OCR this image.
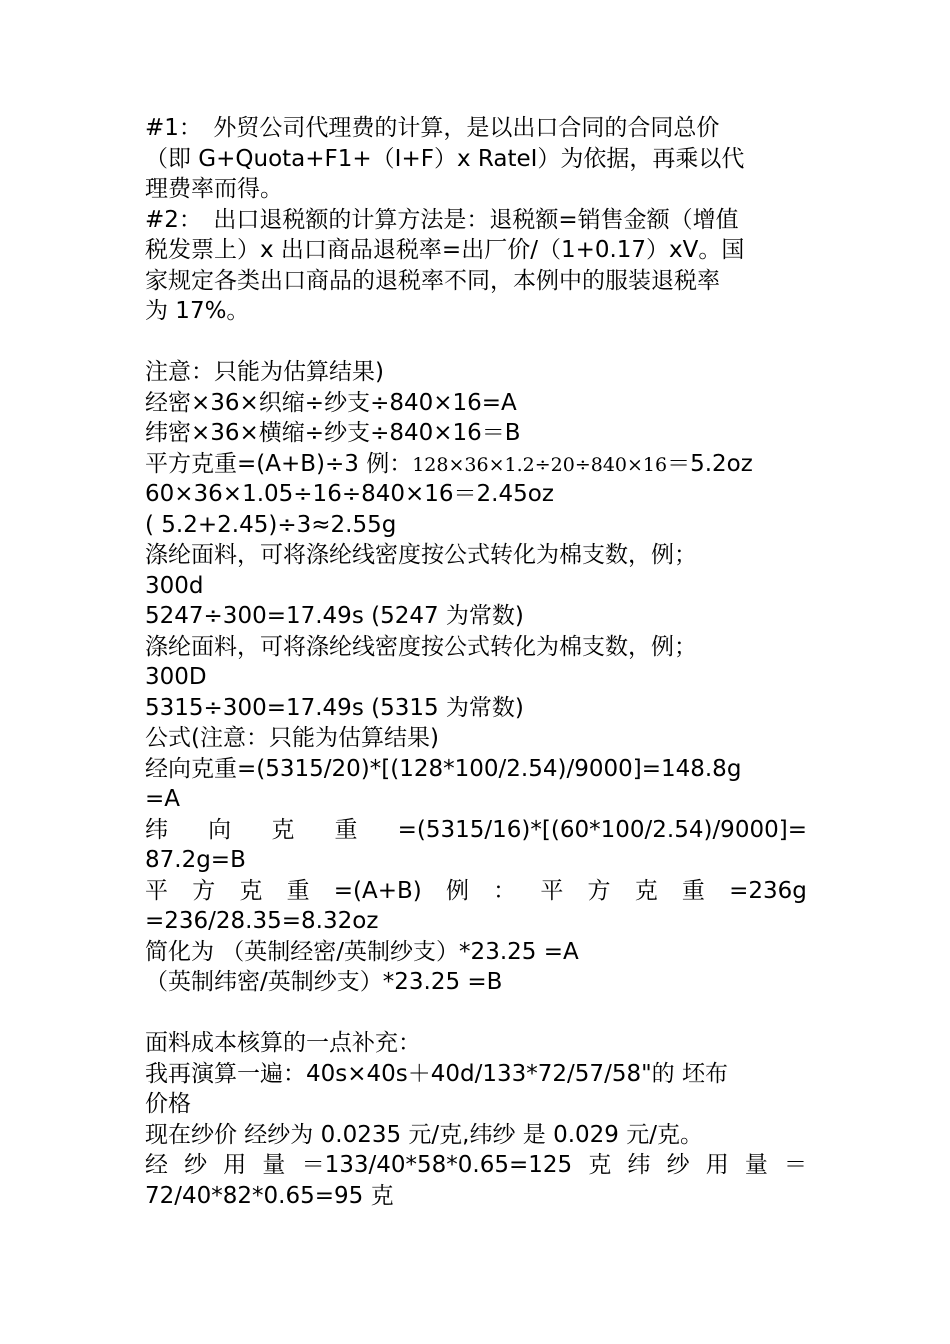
#1：　外贸公司代理费的计算，是以出口合同的合同总价
（即 G+Quota+F1+（I+F）x RateI）为依据，再乘以代
理费率而得。
#2：　出口退税额的计算方法是：退税额=销售金额（增值
税发票上）x 出口商品退税率=出厂价/（1+0.17）xV。国
家规定各类出口商品的退税率不同，本例中的服装退税率
为 17%。
注意：只能为估算结果)
经密×36×织缩÷纱支÷840×16=A
纬密×36×横缩÷纱支÷840×16＝B
平方克重=(A+B)÷3 例：128×36×1.2÷20÷840×16＝5.2oz
60×36×1.05÷16÷840×16＝2.45oz
( 5.2+2.45)÷3≈2.55g
涤纶面料，可将涤纶线密度按公式转化为棉支数，例；
300d
5247÷300=17.49s (5247 为常数)
涤纶面料，可将涤纶线密度按公式转化为棉支数，例；
300D
5315÷300=17.49s (5315 为常数)
公式(注意：只能为估算结果)
经向克重=(5315/20)*[(128*100/2.54)/9000]=148.8g
=A
纬 向 克 重 =(5315/16)*[(60*100/2.54)/9000]=
87.2g=B
平 方 克 重 =(A+B) 例 ： 平 方 克 重 =236g
=236/28.35=8.32oz
简化为 （英制经密/英制纱支）*23.25 =A
（英制纬密/英制纱支）*23.25 =B
面料成本核算的一点补充：
我再演算一遍：40s×40s＋40d/133*72/57/58"的 坯布
价格
现在纱价 经纱为 0.0235 元/克,纬纱 是 0.029 元/克。
经 纱 用 量 ＝133/40*58*0.65=125 克 纬 纱 用 量 ＝
72/40*82*0.65=95 克
